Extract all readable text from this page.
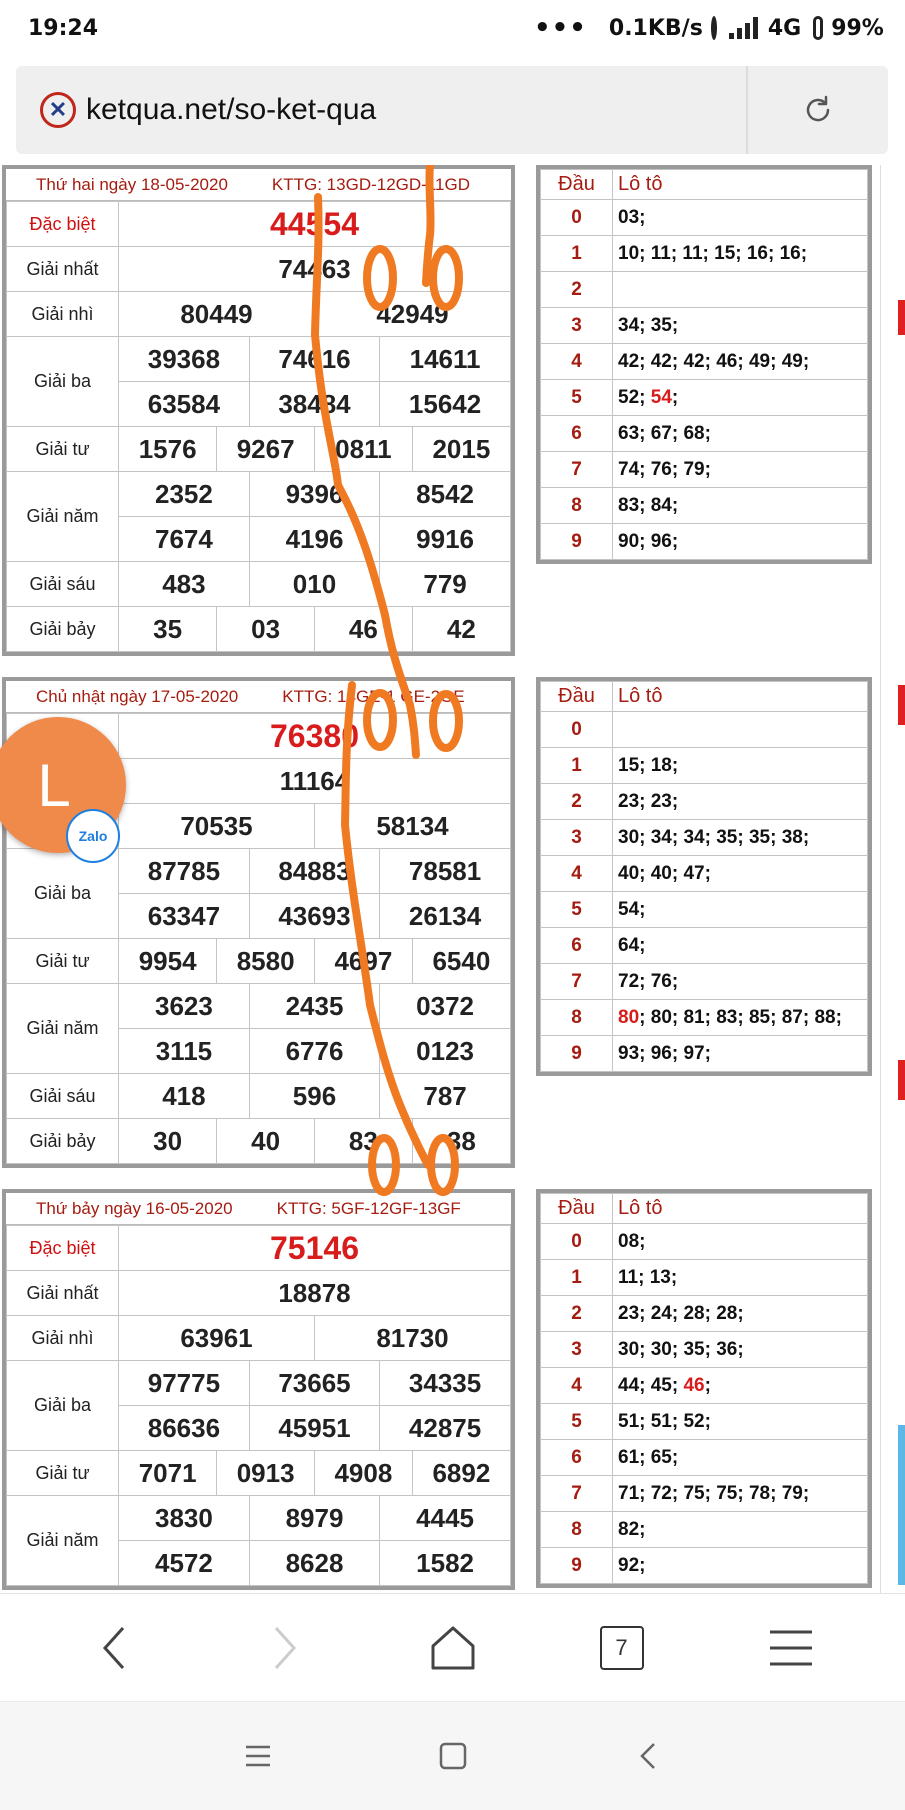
19:24	••• 0.1KB/s	4G 99%
✕ ketqua.net/so-ket-qua
Thứ hai ngày 18-05-2020	KTTG: 13GD-12GD-11GD
Đặc biệt		44554

Giải nhất		74463

Giải nhì		80449	42949

Giải ba	
39368	74616	14611

63584	38484	15642

Giải tư	1576	9267	0811	2015

Giải năm	
2352	9396	8542

7674	4196	9916

Giải sáu		483	010	779

Giải bảy	35	03	46	42
Đầu	Lô tô
0	03;
1	10; 11; 11; 15; 16; 16;
2	
3	34; 35;
4	42; 42; 42; 46; 49; 49;
5	52; 54;
6	63; 67; 68;
7	74; 76; 79;
8	83; 84;
9	90; 96;
Chủ nhật ngày 17-05-2020	KTTG: 14GE-1 GE-2GE

76380

11164

70535	58134

Giải ba	
87785	84883	78581

63347	43693	26134

Giải tư	9954	8580	4697	6540

Giải năm	
3623	2435	0372

3115	6776	0123

Giải sáu		418	596	787

Giải bảy	30	40	83	38
Đầu	Lô tô
0	
1	15; 18;
2	23; 23;
3	30; 34; 34; 35; 35; 38;
4	40; 40; 47;
5	54;
6	64;
7	72; 76;
8	80; 80; 81; 83; 85; 87; 88;
9	93; 96; 97;
Thứ bảy ngày 16-05-2020	KTTG: 5GF-12GF-13GF
Đặc biệt		75146

Giải nhất		18878

Giải nhì		63961	81730

Giải ba	
97775	73665	34335

86636	45951	42875

Giải tư	7071	0913	4908	6892

Giải năm	
3830	8979	4445

4572	8628	1582
Đầu	Lô tô
0	08;
1	11; 13;
2	23; 24; 28; 28;
3	30; 30; 35; 36;
4	44; 45; 46;
5	51; 51; 52;
6	61; 65;
7	71; 72; 75; 75; 78; 79;
8	82;
9	92;
L
Zalo
7
